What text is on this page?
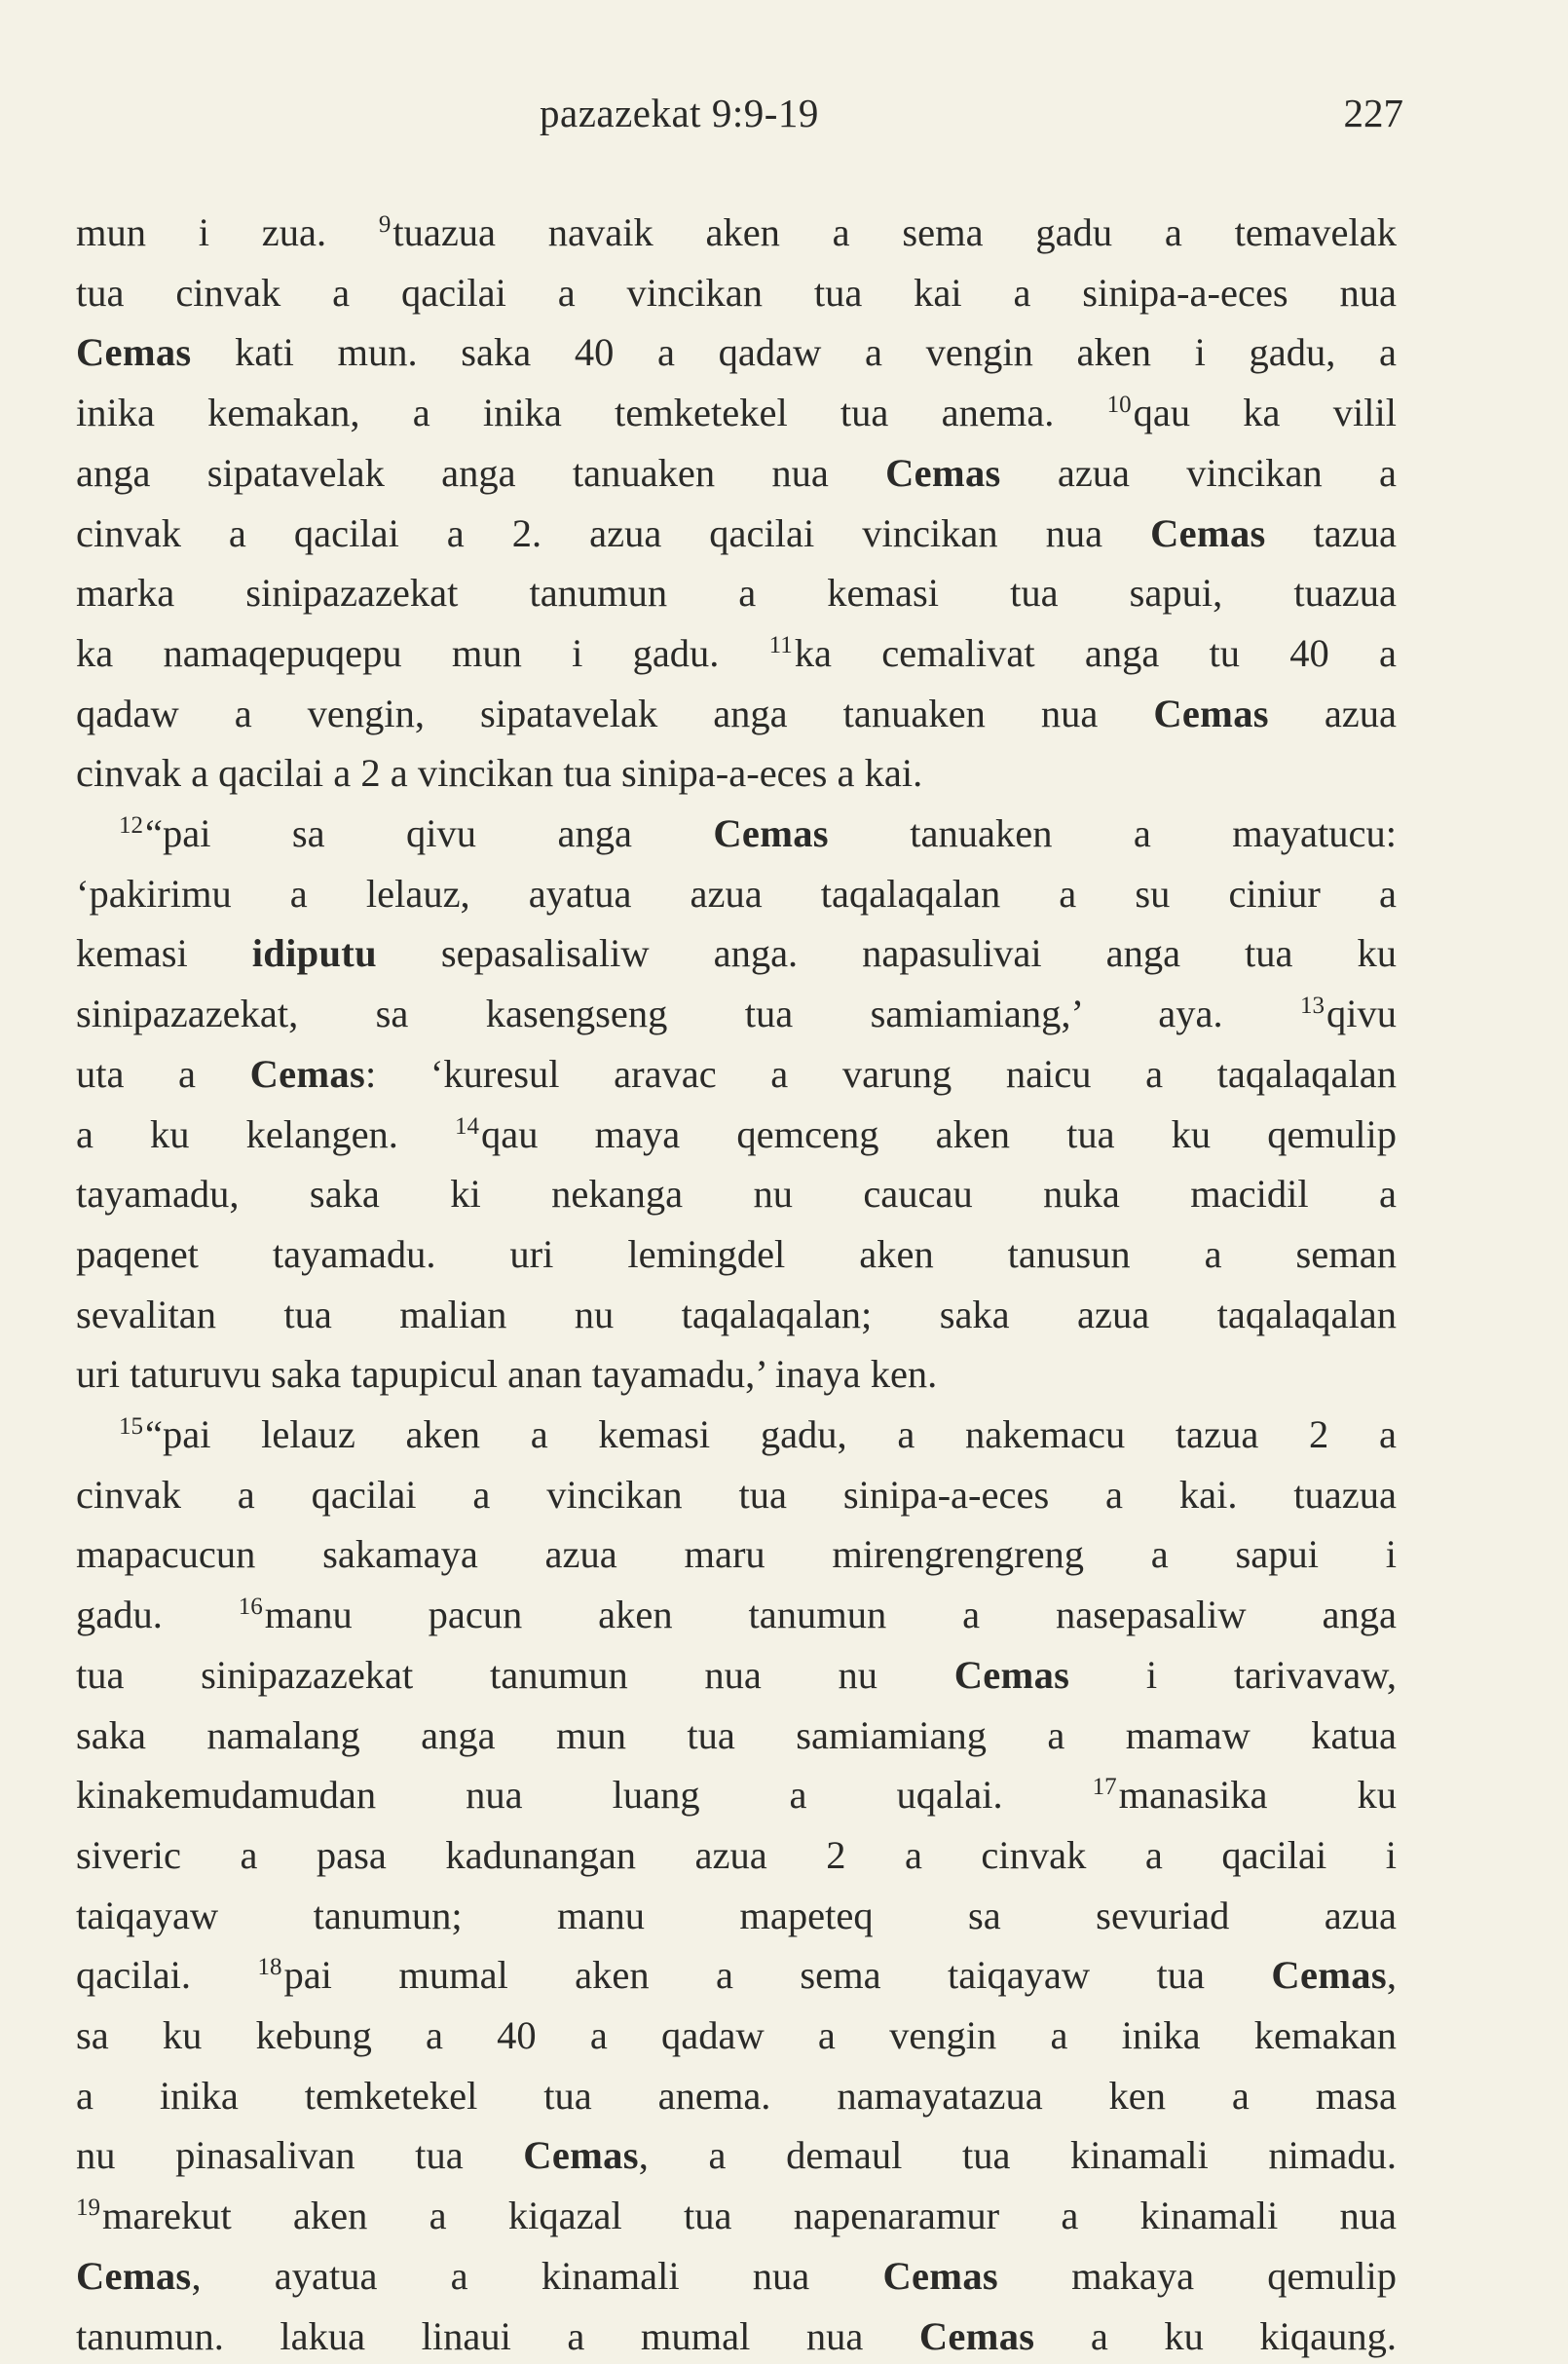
pazazekat 9:9-19	227
mun i zua. $^9$tuazua navaik aken a sema gadu a temavelak
tua cinvak a qacilai a vincikan tua kai a sinipa-a-eces nua
Cemas kati mun. saka 40 a qadaw a vengin aken i gadu, a
inika kemakan, a inika temketekel tua anema. $^{10}$qau ka vilil
anga sipatavelak anga tanuaken nua Cemas azua vincikan a
cinvak a qacilai a 2. azua qacilai vincikan nua Cemas tazua
marka sinipazazekat tanumun a kemasi tua sapui, tuazua
ka namaqepuqepu mun i gadu. $^{11}$ka cemalivat anga tu 40 a
qadaw a vengin, sipatavelak anga tanuaken nua Cemas azua
cinvak a qacilai a 2 a vincikan tua sinipa-a-eces a kai.
$^{12}$“pai sa qivu anga Cemas tanuaken a mayatucu:
‘pakirimu a lelauz, ayatua azua taqalaqalan a su ciniur a
kemasi idiputu sepasalisaliw anga. napasulivai anga tua ku
sinipazazekat, sa kasengseng tua samiamiang,’ aya. $^{13}$qivu
uta a Cemas: ‘kuresul aravac a varung naicu a taqalaqalan
a ku kelangen. $^{14}$qau maya qemceng aken tua ku qemulip
tayamadu, saka ki nekanga nu caucau nuka macidil a
paqenet tayamadu. uri lemingdel aken tanusun a seman
sevalitan tua malian nu taqalaqalan; saka azua taqalaqalan
uri taturuvu saka tapupicul anan tayamadu,’ inaya ken.
$^{15}$“pai lelauz aken a kemasi gadu, a nakemacu tazua 2 a
cinvak a qacilai a vincikan tua sinipa-a-eces a kai. tuazua
mapacucun sakamaya azua maru mirengrengreng a sapui i
gadu. $^{16}$manu pacun aken tanumun a nasepasaliw anga
tua sinipazazekat tanumun nua nu Cemas i tarivavaw,
saka namalang anga mun tua samiamiang a mamaw katua
kinakemudamudan nua luang a uqalai. $^{17}$manasika ku
siveric a pasa kadunangan azua 2 a cinvak a qacilai i
taiqayaw tanumun; manu mapeteq sa sevuriad azua
qacilai. $^{18}$pai mumal aken a sema taiqayaw tua Cemas,
sa ku kebung a 40 a qadaw a vengin a inika kemakan
a inika temketekel tua anema. namayatazua ken a masa
nu pinasalivan tua Cemas, a demaul tua kinamali nimadu.
$^{19}$marekut aken a kiqazal tua napenaramur a kinamali nua
Cemas, ayatua a kinamali nua Cemas makaya qemulip
tanumun. lakua linaui a mumal nua Cemas a ku kiqaung.
